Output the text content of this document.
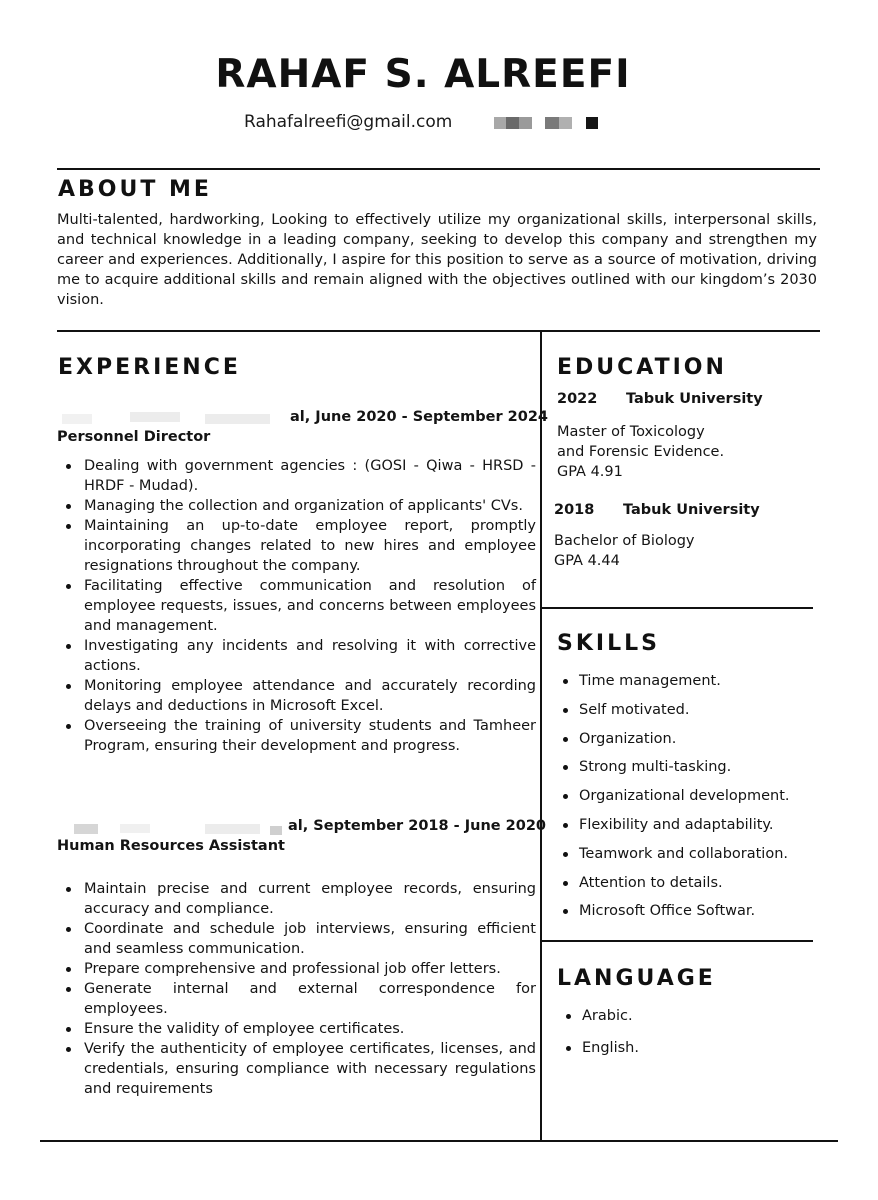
RAHAF S. ALREEFI
Rahafalreefi@gmail.com
ABOUT ME
Multi-talented, hardworking, Looking to effectively utilize my organizational skills, interpersonal skills, and technical knowledge in a leading company, seeking to develop this company and strengthen my career and experiences. Additionally, I aspire for this position to serve as a source of motivation, driving me to acquire additional skills and remain aligned with the objectives outlined with our kingdom’s 2030 vision.
EXPERIENCE
al, June 2020 - September 2024
Personnel Director
Dealing with government agencies : (GOSI - Qiwa - HRSD - HRDF - Mudad).
Managing the collection and organization of applicants' CVs.
Maintaining an up-to-date employee report, promptly incorporating changes related to new hires and employee resignations throughout the company.
Facilitating effective communication and resolution of employee requests, issues, and concerns between employees and management.
Investigating any incidents and resolving it with corrective actions.
Monitoring employee attendance and accurately recording delays and deductions in Microsoft Excel.
Overseeing the training of university students and Tamheer Program, ensuring their development and progress.
al, September 2018 - June 2020
Human Resources Assistant
Maintain precise and current employee records, ensuring accuracy and compliance.
Coordinate and schedule job interviews, ensuring efficient and seamless communication.
Prepare comprehensive and professional job offer letters.
Generate internal and external correspondence for employees.
Ensure the validity of employee certificates.
Verify the authenticity of employee certificates, licenses, and credentials, ensuring compliance with necessary regulations and requirements
EDUCATION
2022 Tabuk University
Master of Toxicology
and Forensic Evidence.
GPA 4.91
2018 Tabuk University
Bachelor of Biology
GPA 4.44
SKILLS
Time management.
Self motivated.
Organization.
Strong multi-tasking.
Organizational development.
Flexibility and adaptability.
Teamwork and collaboration.
Attention to details.
Microsoft Office Softwar.
LANGUAGE
Arabic.
English.
